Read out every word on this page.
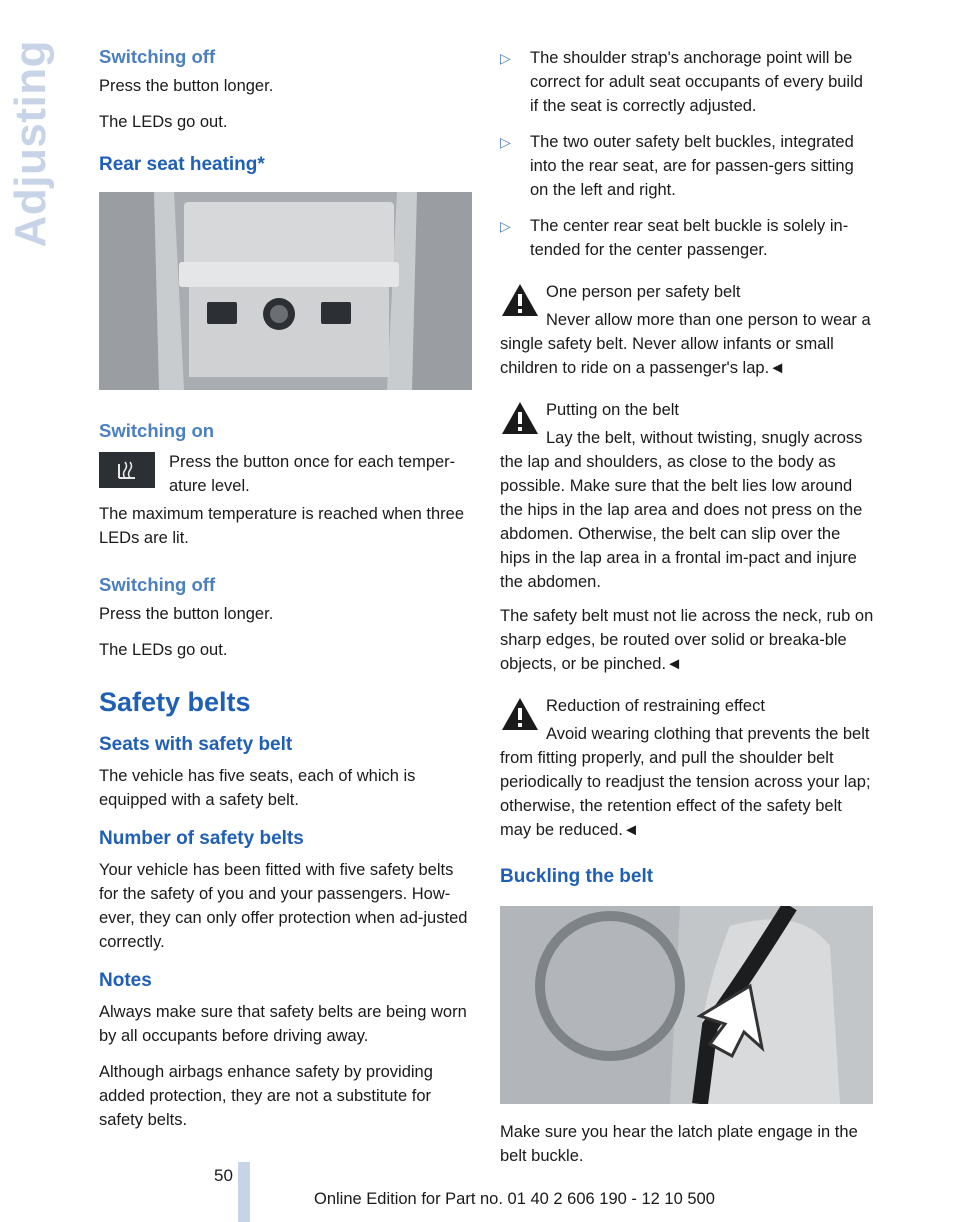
Adjusting Switching off

Press the button longer.

The LEDs go out.

Rear seat heating*
Switching on

Press the button once for each temper-ature level.

The maximum temperature is reached when three LEDs are lit.

Switching off

Press the button longer.

The LEDs go out.

Safety belts
Seats with safety belt

The vehicle has five seats, each of which is equipped with a safety belt.

Number of safety belts

Your vehicle has been fitted with five safety belts for the safety of you and your passengers. How-ever, they can only offer protection when ad-justed correctly.

Notes

Always make sure that safety belts are being worn by all occupants before driving away.

Although airbags enhance safety by providing added protection, they are not a substitute for safety belts.

▷	The shoulder strap's anchorage point will be correct for adult seat occupants of every build if the seat is correctly adjusted.
▷	The two outer safety belt buckles, integrated into the rear seat, are for passen-gers sitting on the left and right.
▷	The center rear seat belt buckle is solely in-tended for the center passenger.

One person per safety belt

Never allow more than one person to wear a single safety belt. Never allow infants or small children to ride on a passenger's lap.◄

Putting on the belt

Lay the belt, without twisting, snugly across the lap and shoulders, as close to the body as possible. Make sure that the belt lies low around the hips in the lap area and does not press on the abdomen. Otherwise, the belt can slip over the hips in the lap area in a frontal im-pact and injure the abdomen.

The safety belt must not lie across the neck, rub on sharp edges, be routed over solid or breaka-ble objects, or be pinched.◄

Reduction of restraining effect

Avoid wearing clothing that prevents the belt from fitting properly, and pull the shoulder belt periodically to readjust the tension across your lap; otherwise, the retention effect of the safety belt may be reduced.◄

Buckling the belt

Make sure you hear the latch plate engage in the belt buckle.

50
Online Edition for Part no. 01 40 2 606 190 - 12 10 500
